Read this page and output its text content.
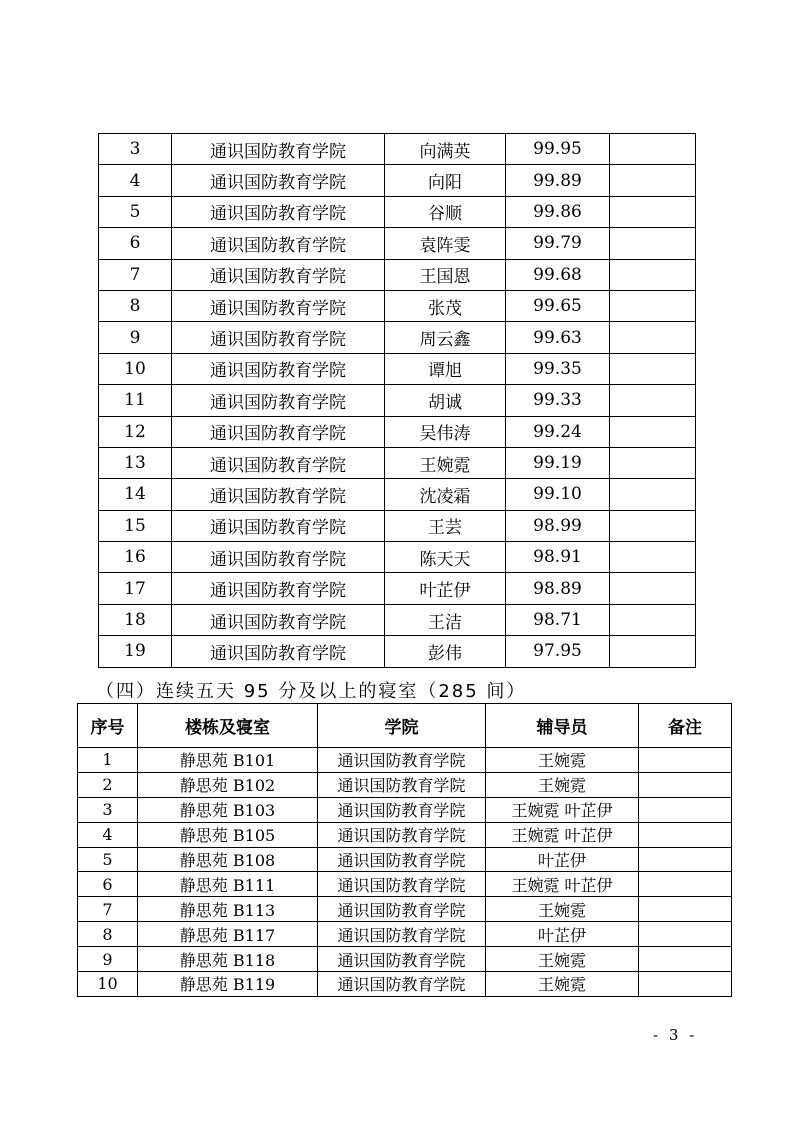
3	通识国防教育学院	向满英	99.95	
4	通识国防教育学院	向阳	99.89	
5	通识国防教育学院	谷顺	99.86	
6	通识国防教育学院	袁阵雯	99.79	
7	通识国防教育学院	王国恩	99.68	
8	通识国防教育学院	张茂	99.65	
9	通识国防教育学院	周云鑫	99.63	
10	通识国防教育学院	谭旭	99.35	
11	通识国防教育学院	胡诚	99.33	
12	通识国防教育学院	吴伟涛	99.24	
13	通识国防教育学院	王婉霓	99.19	
14	通识国防教育学院	沈凌霜	99.10	
15	通识国防教育学院	王芸	98.99	
16	通识国防教育学院	陈天天	98.91	
17	通识国防教育学院	叶芷伊	98.89	
18	通识国防教育学院	王洁	98.71	
19	通识国防教育学院	彭伟	97.95	
（四）连续五天 95 分及以上的寝室（285 间）
序号	楼栋及寝室	学院	辅导员	备注
1	静思苑 B101	通识国防教育学院	王婉霓	
2	静思苑 B102	通识国防教育学院	王婉霓	
3	静思苑 B103	通识国防教育学院	王婉霓 叶芷伊	
4	静思苑 B105	通识国防教育学院	王婉霓 叶芷伊	
5	静思苑 B108	通识国防教育学院	叶芷伊	
6	静思苑 B111	通识国防教育学院	王婉霓 叶芷伊	
7	静思苑 B113	通识国防教育学院	王婉霓	
8	静思苑 B117	通识国防教育学院	叶芷伊	
9	静思苑 B118	通识国防教育学院	王婉霓	
10	静思苑 B119	通识国防教育学院	王婉霓	
- 3 -
